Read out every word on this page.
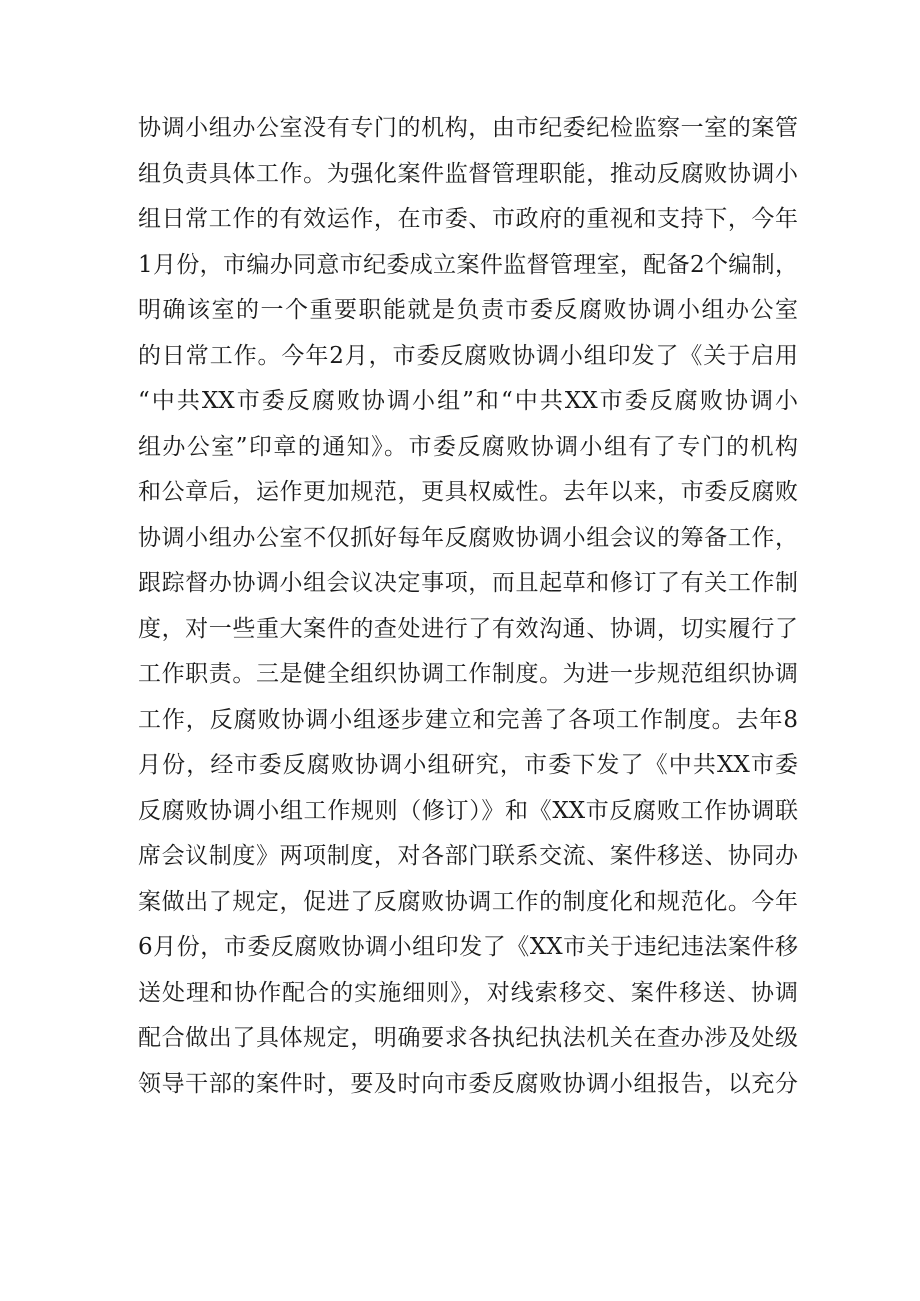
协调小组办公室没有专门的机构，由市纪委纪检监察一室的案管
组负责具体工作。为强化案件监督管理职能，推动反腐败协调小
组日常工作的有效运作，在市委、市政府的重视和支持下，今年
1月份，市编办同意市纪委成立案件监督管理室，配备2个编制，
明确该室的一个重要职能就是负责市委反腐败协调小组办公室
的日常工作。今年2月，市委反腐败协调小组印发了《关于启用
“中共XX市委反腐败协调小组”和“中共XX市委反腐败协调小
组办公室”印章的通知》。市委反腐败协调小组有了专门的机构
和公章后，运作更加规范，更具权威性。去年以来，市委反腐败
协调小组办公室不仅抓好每年反腐败协调小组会议的筹备工作，
跟踪督办协调小组会议决定事项，而且起草和修订了有关工作制
度，对一些重大案件的查处进行了有效沟通、协调，切实履行了
工作职责。三是健全组织协调工作制度。为进一步规范组织协调
工作，反腐败协调小组逐步建立和完善了各项工作制度。去年8
月份，经市委反腐败协调小组研究，市委下发了《中共XX市委
反腐败协调小组工作规则（修订）》和《XX市反腐败工作协调联
席会议制度》两项制度，对各部门联系交流、案件移送、协同办
案做出了规定，促进了反腐败协调工作的制度化和规范化。今年
6月份，市委反腐败协调小组印发了《XX市关于违纪违法案件移
送处理和协作配合的实施细则》，对线索移交、案件移送、协调
配合做出了具体规定，明确要求各执纪执法机关在查办涉及处级
领导干部的案件时，要及时向市委反腐败协调小组报告，以充分
